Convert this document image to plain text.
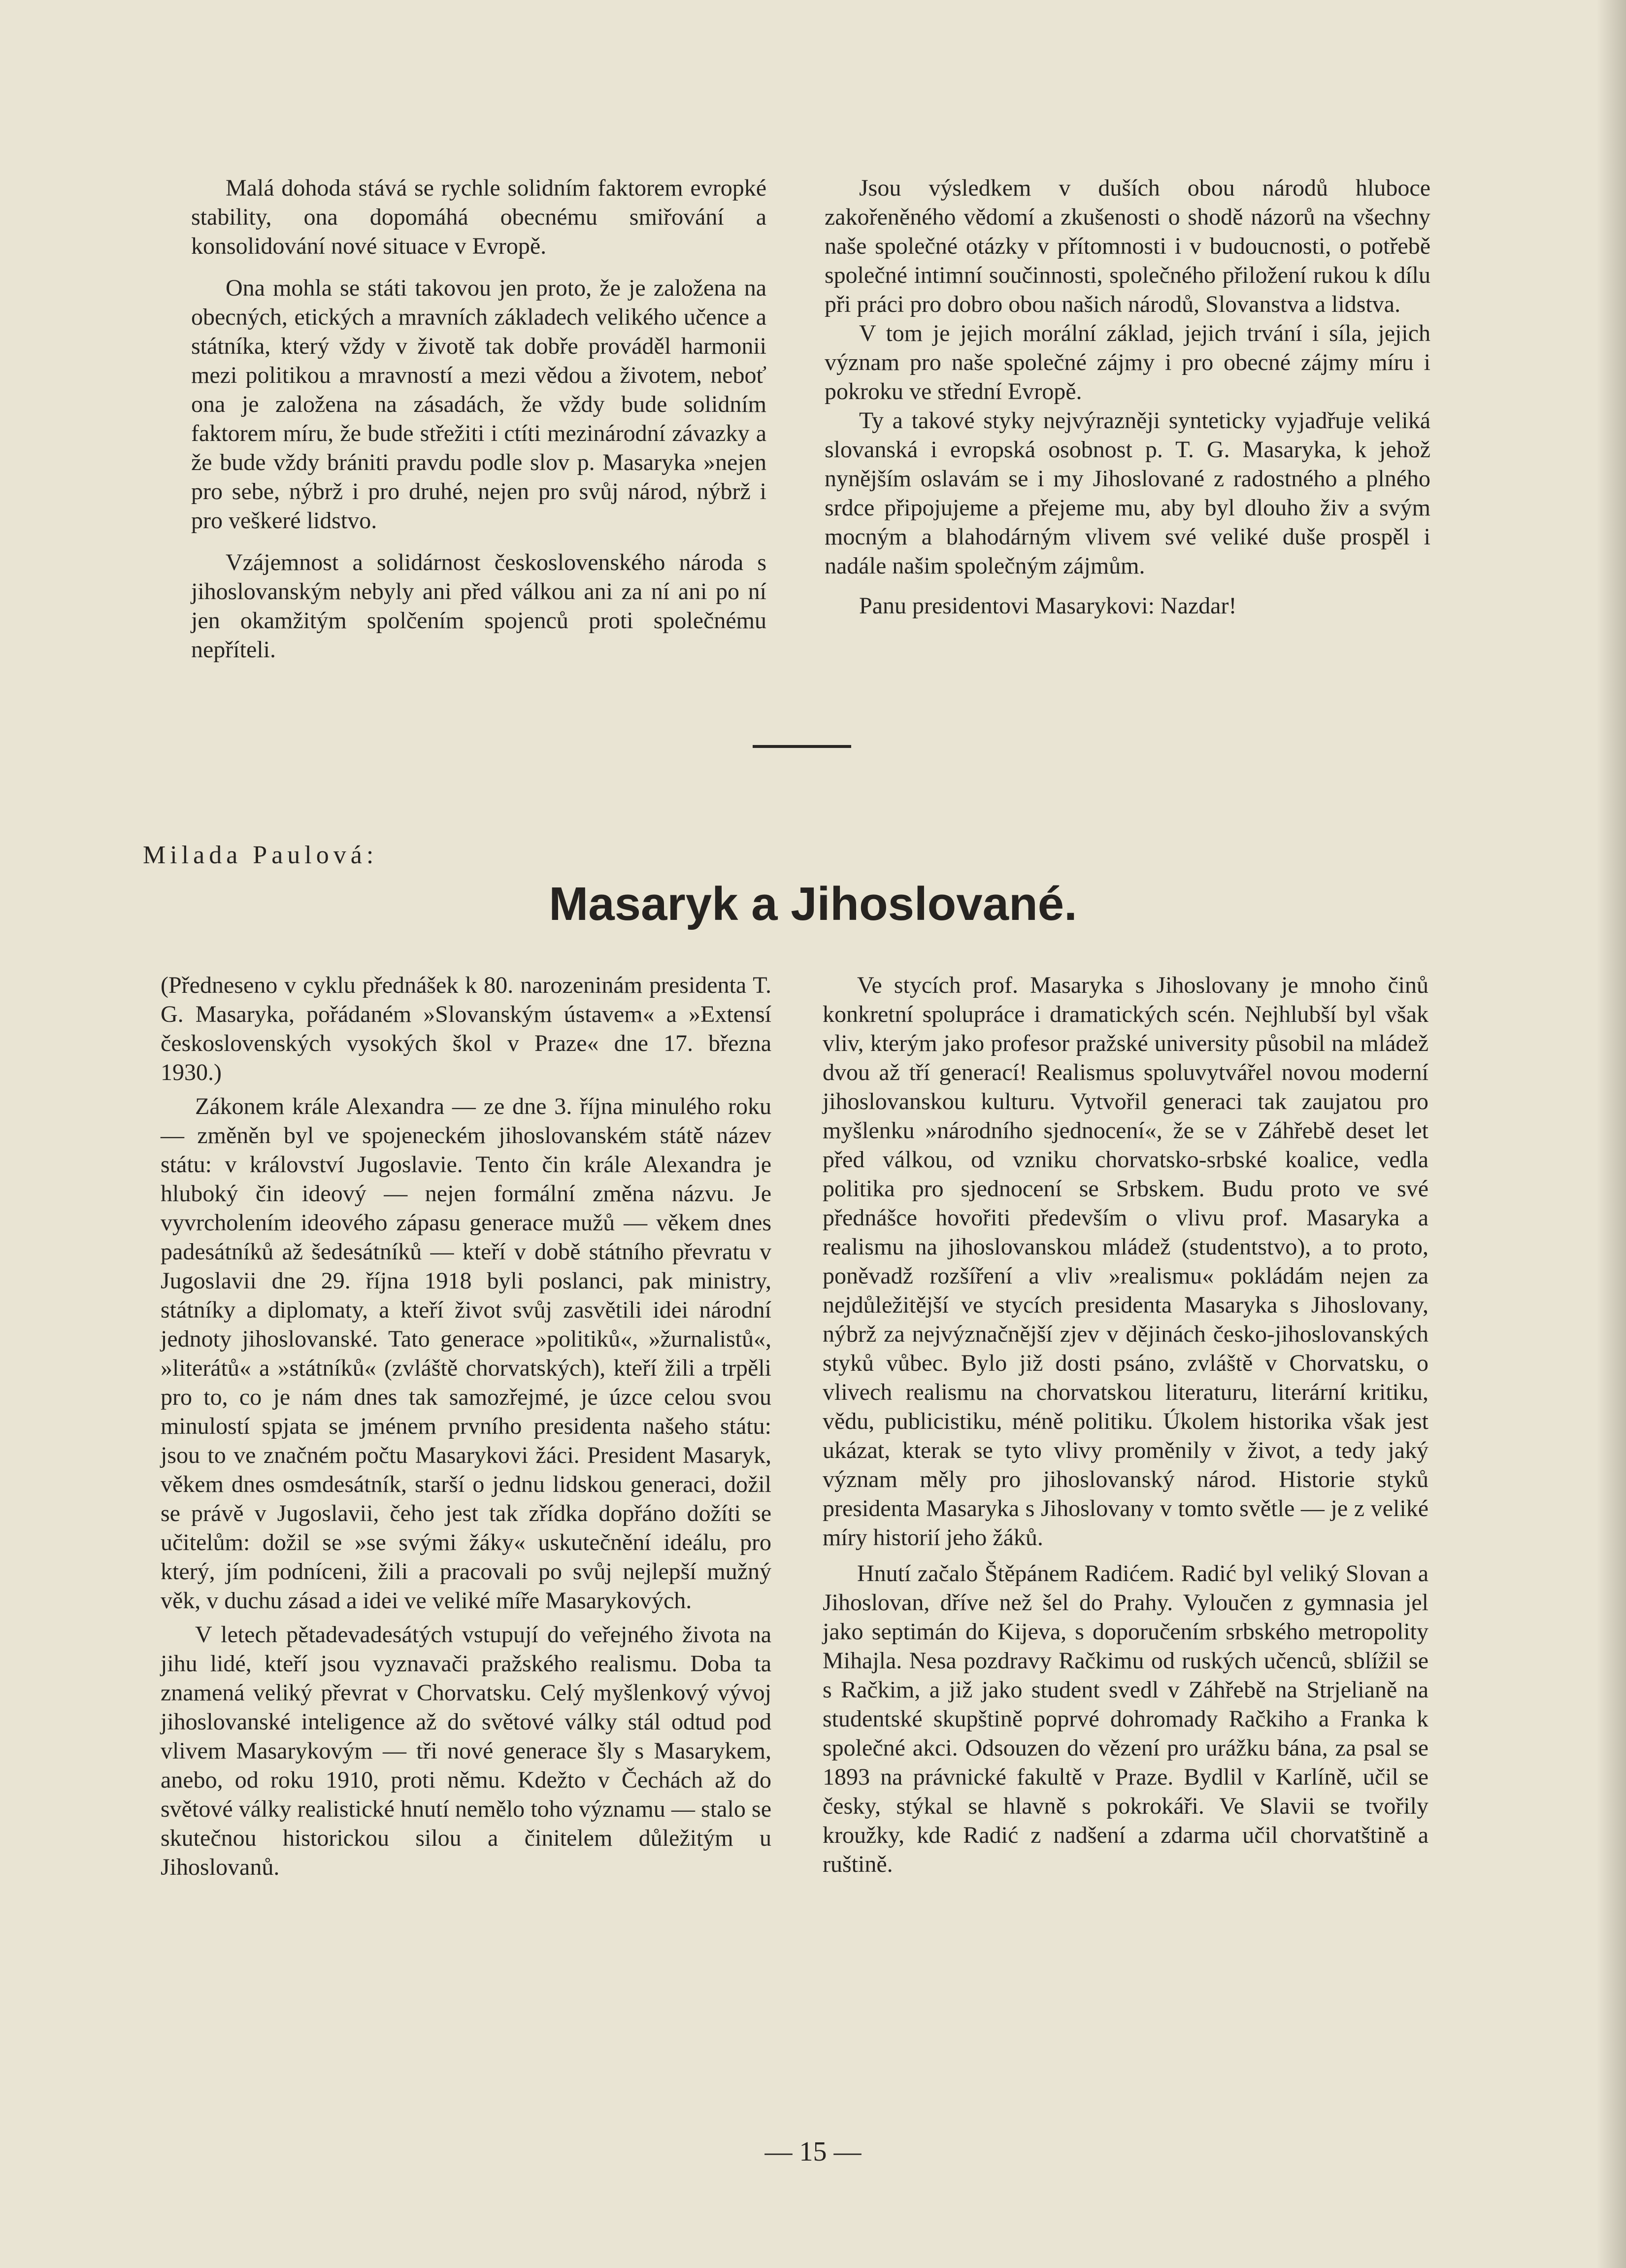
Malá dohoda stává se rychle solidním faktorem evropké stability, ona dopomáhá obecnému smiřování a konsolidování nové situace v Evropě.

Ona mohla se státi takovou jen proto, že je založena na obecných, etických a mravních základech velikého učence a státníka, který vždy v životě tak dobře prováděl harmonii mezi politikou a mravností a mezi vědou a životem, neboť ona je založena na zásadách, že vždy bude solidním faktorem míru, že bude střežiti i ctíti mezinárodní závazky a že bude vždy brániti pravdu podle slov p. Masaryka »nejen pro sebe, nýbrž i pro druhé, nejen pro svůj národ, nýbrž i pro veškeré lidstvo.

Vzájemnost a solidárnost československého národa s jihoslovanským nebyly ani před válkou ani za ní ani po ní jen okamžitým spolčením spojenců proti společnému nepříteli.

Jsou výsledkem v duších obou národů hluboce zakořeněného vědomí a zkušenosti o shodě názorů na všechny naše společné otázky v přítomnosti i v budoucnosti, o potřebě společné intimní součinnosti, společného přiložení rukou k dílu při práci pro dobro obou našich národů, Slovanstva a lidstva.

V tom je jejich morální základ, jejich trvání i síla, jejich význam pro naše společné zájmy i pro obecné zájmy míru i pokroku ve střední Evropě.

Ty a takové styky nejvýrazněji synteticky vyjadřuje veliká slovanská i evropská osobnost p. T. G. Masaryka, k jehož nynějším oslavám se i my Jihoslované z radostného a plného srdce připojujeme a přejeme mu, aby byl dlouho živ a svým mocným a blahodárným vlivem své veliké duše prospěl i nadále našim společným zájmům.

Panu presidentovi Masarykovi: Nazdar!

Milada Paulová:
Masaryk a Jihoslované.

(Předneseno v cyklu přednášek k 80. narozeninám presidenta T. G. Masaryka, pořádaném »Slovanským ústavem« a »Extensí československých vysokých škol v Praze« dne 17. března 1930.)

Zákonem krále Alexandra — ze dne 3. října minulého roku — změněn byl ve spojeneckém jihoslovanském státě název státu: v království Jugoslavie. Tento čin krále Alexandra je hluboký čin ideový — nejen formální změna názvu. Je vyvrcholením ideového zápasu generace mužů — věkem dnes padesátníků až šedesátníků — kteří v době státního převratu v Jugoslavii dne 29. října 1918 byli poslanci, pak ministry, státníky a diplomaty, a kteří život svůj zasvětili idei národní jednoty jihoslovanské. Tato generace »politiků«, »žurnalistů«, »literátů« a »státníků« (zvláště chorvatských), kteří žili a trpěli pro to, co je nám dnes tak samozřejmé, je úzce celou svou minulostí spjata se jménem prvního presidenta našeho státu: jsou to ve značném počtu Masarykovi žáci. President Masaryk, věkem dnes osmdesátník, starší o jednu lidskou generaci, dožil se právě v Jugoslavii, čeho jest tak zřídka dopřáno dožíti se učitelům: dožil se »se svými žáky« uskutečnění ideálu, pro který, jím podníceni, žili a pracovali po svůj nejlepší mužný věk, v duchu zásad a idei ve veliké míře Masarykových.

V letech pětadevadesátých vstupují do veřejného života na jihu lidé, kteří jsou vyznavači pražského realismu. Doba ta znamená veliký převrat v Chorvatsku. Celý myšlenkový vývoj jihoslovanské inteligence až do světové války stál odtud pod vlivem Masarykovým — tři nové generace šly s Masarykem, anebo, od roku 1910, proti němu. Kdežto v Čechách až do světové války realistické hnutí nemělo toho významu — stalo se skutečnou historickou silou a činitelem důležitým u Jihoslovanů.

Ve stycích prof. Masaryka s Jihoslovany je mnoho činů konkretní spolupráce i dramatických scén. Nejhlubší byl však vliv, kterým jako profesor pražské university působil na mládež dvou až tří generací! Realismus spoluvytvářel novou moderní jihoslovanskou kulturu. Vytvořil generaci tak zaujatou pro myšlenku »národního sjednocení«, že se v Záhřebě deset let před válkou, od vzniku chorvatsko-srbské koalice, vedla politika pro sjednocení se Srbskem. Budu proto ve své přednášce hovořiti především o vlivu prof. Masaryka a realismu na jihoslovanskou mládež (studentstvo), a to proto, poněvadž rozšíření a vliv »realismu« pokládám nejen za nejdůležitější ve stycích presidenta Masaryka s Jihoslovany, nýbrž za nejvýznačnější zjev v dějinách česko-jihoslovanských styků vůbec. Bylo již dosti psáno, zvláště v Chorvatsku, o vlivech realismu na chorvatskou literaturu, literární kritiku, vědu, publicistiku, méně politiku. Úkolem historika však jest ukázat, kterak se tyto vlivy proměnily v život, a tedy jaký význam měly pro jihoslovanský národ. Historie styků presidenta Masaryka s Jihoslovany v tomto světle — je z veliké míry historií jeho žáků.

Hnutí začalo Štěpánem Radićem. Radić byl veliký Slovan a Jihoslovan, dříve než šel do Prahy. Vyloučen z gymnasia jel jako septimán do Kijeva, s doporučením srbského metropolity Mihajla. Nesa pozdravy Račkimu od ruských učenců, sblížil se s Račkim, a již jako student svedl v Záhřebě na Strjelianě na studentské skupštině poprvé dohromady Račkiho a Franka k společné akci. Odsouzen do vězení pro urážku bána, za psal se 1893 na právnické fakultě v Praze. Bydlil v Karlíně, učil se česky, stýkal se hlavně s pokrokáři. Ve Slavii se tvořily kroužky, kde Radić z nadšení a zdarma učil chorvatštině a ruštině.

— 15 —
